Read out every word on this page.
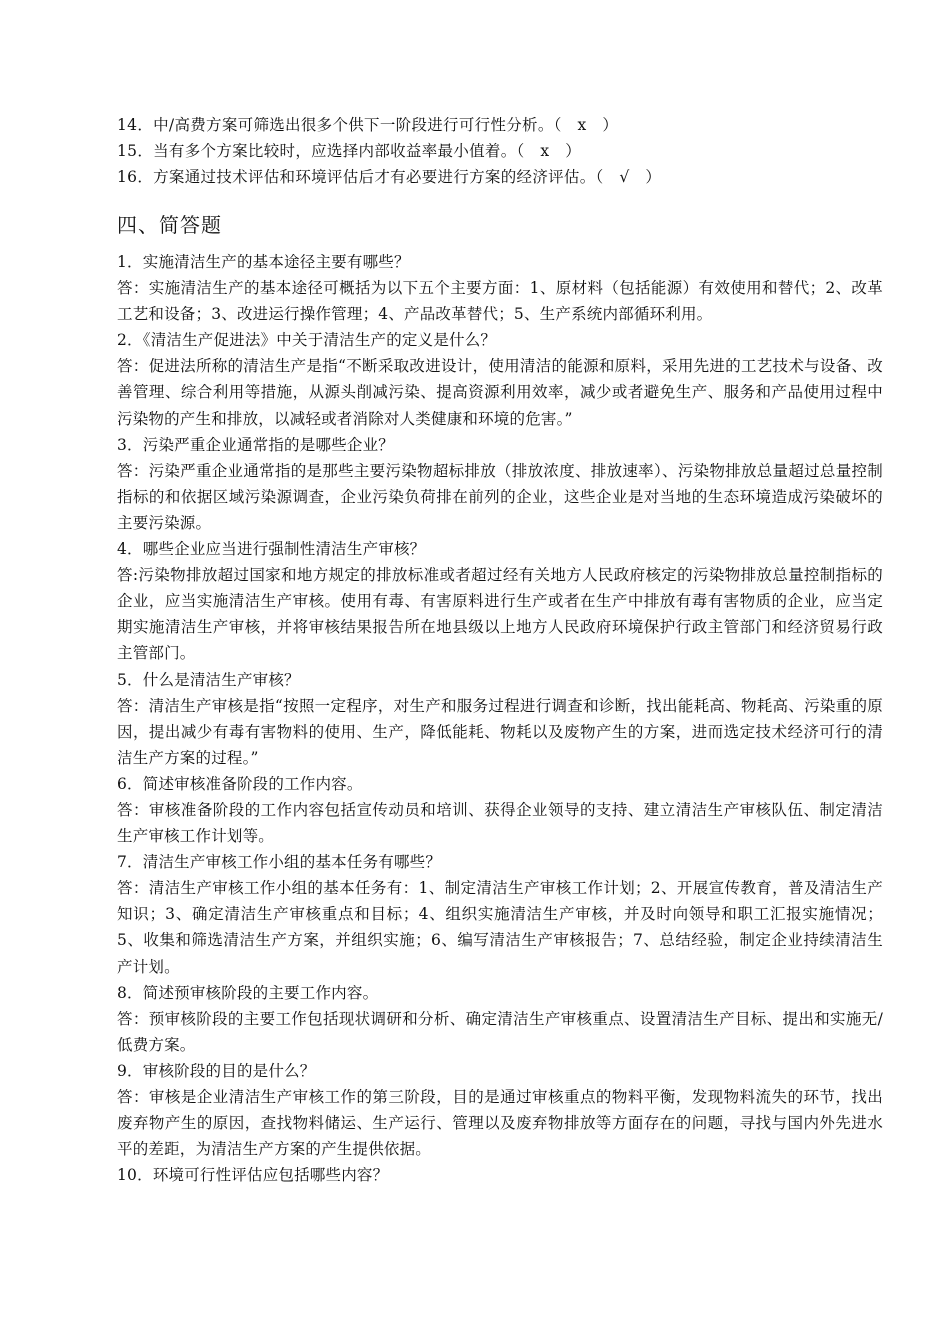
14．中/高费方案可筛选出很多个供下一阶段进行可行性分析。（　x　）
15．当有多个方案比较时，应选择内部收益率最小值着。（　x　）
16．方案通过技术评估和环境评估后才有必要进行方案的经济评估。（　√　）
四、简答题

1．实施清洁生产的基本途径主要有哪些？

答：实施清洁生产的基本途径可概括为以下五个主要方面：1、原材料（包括能源）有效使用和替代；2、改革工艺和设备；3、改进运行操作管理；4、产品改革替代；5、生产系统内部循环利用。

2．《清洁生产促进法》中关于清洁生产的定义是什么？

答：促进法所称的清洁生产是指“不断采取改进设计，使用清洁的能源和原料，采用先进的工艺技术与设备、改善管理、综合利用等措施，从源头削减污染、提高资源利用效率，减少或者避免生产、服务和产品使用过程中污染物的产生和排放，以减轻或者消除对人类健康和环境的危害。”

3．污染严重企业通常指的是哪些企业？

答：污染严重企业通常指的是那些主要污染物超标排放（排放浓度、排放速率）、污染物排放总量超过总量控制指标的和依据区域污染源调查，企业污染负荷排在前列的企业，这些企业是对当地的生态环境造成污染破坏的主要污染源。

4．哪些企业应当进行强制性清洁生产审核？

答:污染物排放超过国家和地方规定的排放标准或者超过经有关地方人民政府核定的污染物排放总量控制指标的企业，应当实施清洁生产审核。使用有毒、有害原料进行生产或者在生产中排放有毒有害物质的企业，应当定期实施清洁生产审核，并将审核结果报告所在地县级以上地方人民政府环境保护行政主管部门和经济贸易行政主管部门。

5．什么是清洁生产审核？

答：清洁生产审核是指“按照一定程序，对生产和服务过程进行调查和诊断，找出能耗高、物耗高、污染重的原因，提出减少有毒有害物料的使用、生产，降低能耗、物耗以及废物产生的方案，进而选定技术经济可行的清洁生产方案的过程。”

6．简述审核准备阶段的工作内容。

答：审核准备阶段的工作内容包括宣传动员和培训、获得企业领导的支持、建立清洁生产审核队伍、制定清洁生产审核工作计划等。

7．清洁生产审核工作小组的基本任务有哪些？

答：清洁生产审核工作小组的基本任务有：1、制定清洁生产审核工作计划；2、开展宣传教育，普及清洁生产知识；3、确定清洁生产审核重点和目标；4、组织实施清洁生产审核，并及时向领导和职工汇报实施情况；5、收集和筛选清洁生产方案，并组织实施；6、编写清洁生产审核报告；7、总结经验，制定企业持续清洁生产计划。

8．简述预审核阶段的主要工作内容。

答：预审核阶段的主要工作包括现状调研和分析、确定清洁生产审核重点、设置清洁生产目标、提出和实施无/低费方案。

9．审核阶段的目的是什么？

答：审核是企业清洁生产审核工作的第三阶段，目的是通过审核重点的物料平衡，发现物料流失的环节，找出废弃物产生的原因，查找物料储运、生产运行、管理以及废弃物排放等方面存在的问题，寻找与国内外先进水平的差距，为清洁生产方案的产生提供依据。

10．环境可行性评估应包括哪些内容？
